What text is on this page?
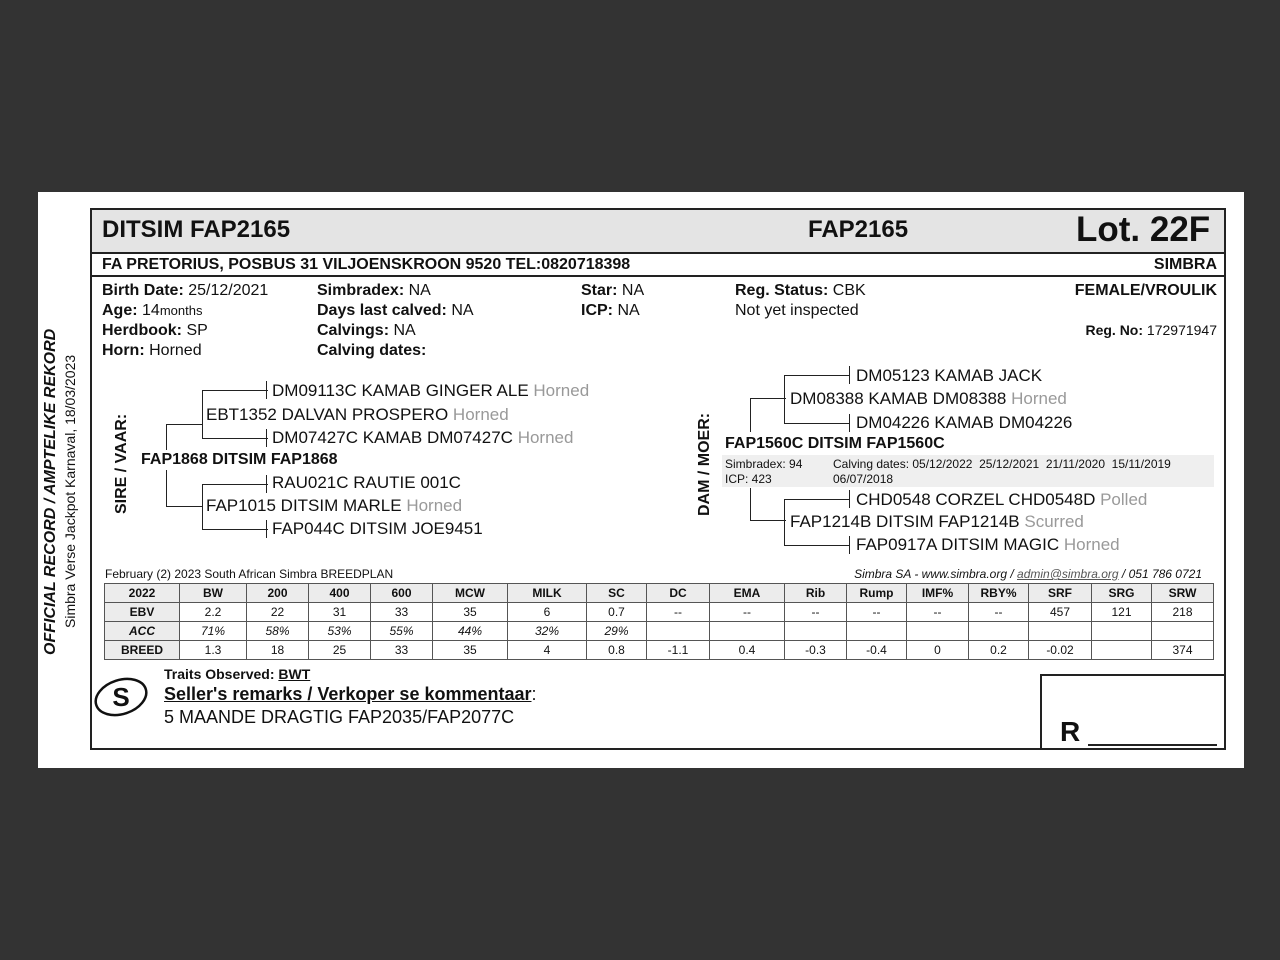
OFFICIAL RECORD / AMPTELIKE REKORD Simbra Verse Jackpot Karnaval, 18/03/2023
DITSIM FAP2165	FAP2165	Lot. 22F
FA PRETORIUS, POSBUS 31 VILJOENSKROON 9520 TEL:0820718398	SIMBRA
Birth Date: 25/12/2021
Age: 14months
Herdbook: SP
Horn: Horned
Simbradex: NA
Days last calved: NA
Calvings: NA
Calving dates:
Star: NA
ICP: NA
Reg. Status: CBK
Not yet inspected
FEMALE/VROULIK
Reg. No: 172971947
SIRE / VAAR: FAP1868 DITSIM FAP1868
DM09113C KAMAB GINGER ALE Horned
EBT1352 DALVAN PROSPERO Horned
DM07427C KAMAB DM07427C Horned
RAU021C RAUTIE 001C
FAP1015 DITSIM MARLE Horned
FAP044C DITSIM JOE9451
DAM / MOER: FAP1560C DITSIM FAP1560C
DM05123 KAMAB JACK
DM08388 KAMAB DM08388 Horned
DM04226 KAMAB DM04226
Simbradex: 94
ICP: 423
Calving dates: 05/12/2022  25/12/2021  21/11/2020  15/11/2019
06/07/2018
CHD0548 CORZEL CHD0548D Polled
FAP1214B DITSIM FAP1214B Scurred
FAP0917A DITSIM MAGIC Horned
February (2) 2023 South African Simbra BREEDPLAN	Simbra SA - www.simbra.org / admin@simbra.org / 051 786 0721
2022	BW	200	400	600	MCW	MILK	SC	DC	EMA	Rib	Rump	IMF%	RBY%	SRF	SRG	SRW
EBV	2.2	22	31	33	35	6	0.7	--	--	--	--	--	--	457	121	218
ACC	71%	58%	53%	55%	44%	32%	29%									
BREED	1.3	18	25	33	35	4	0.8	-1.1	0.4	-0.3	-0.4	0	0.2	-0.02		374
S
Traits Observed: BWT
Seller's remarks / Verkoper se kommentaar:
5 MAANDE DRAGTIG FAP2035/FAP2077C	R
